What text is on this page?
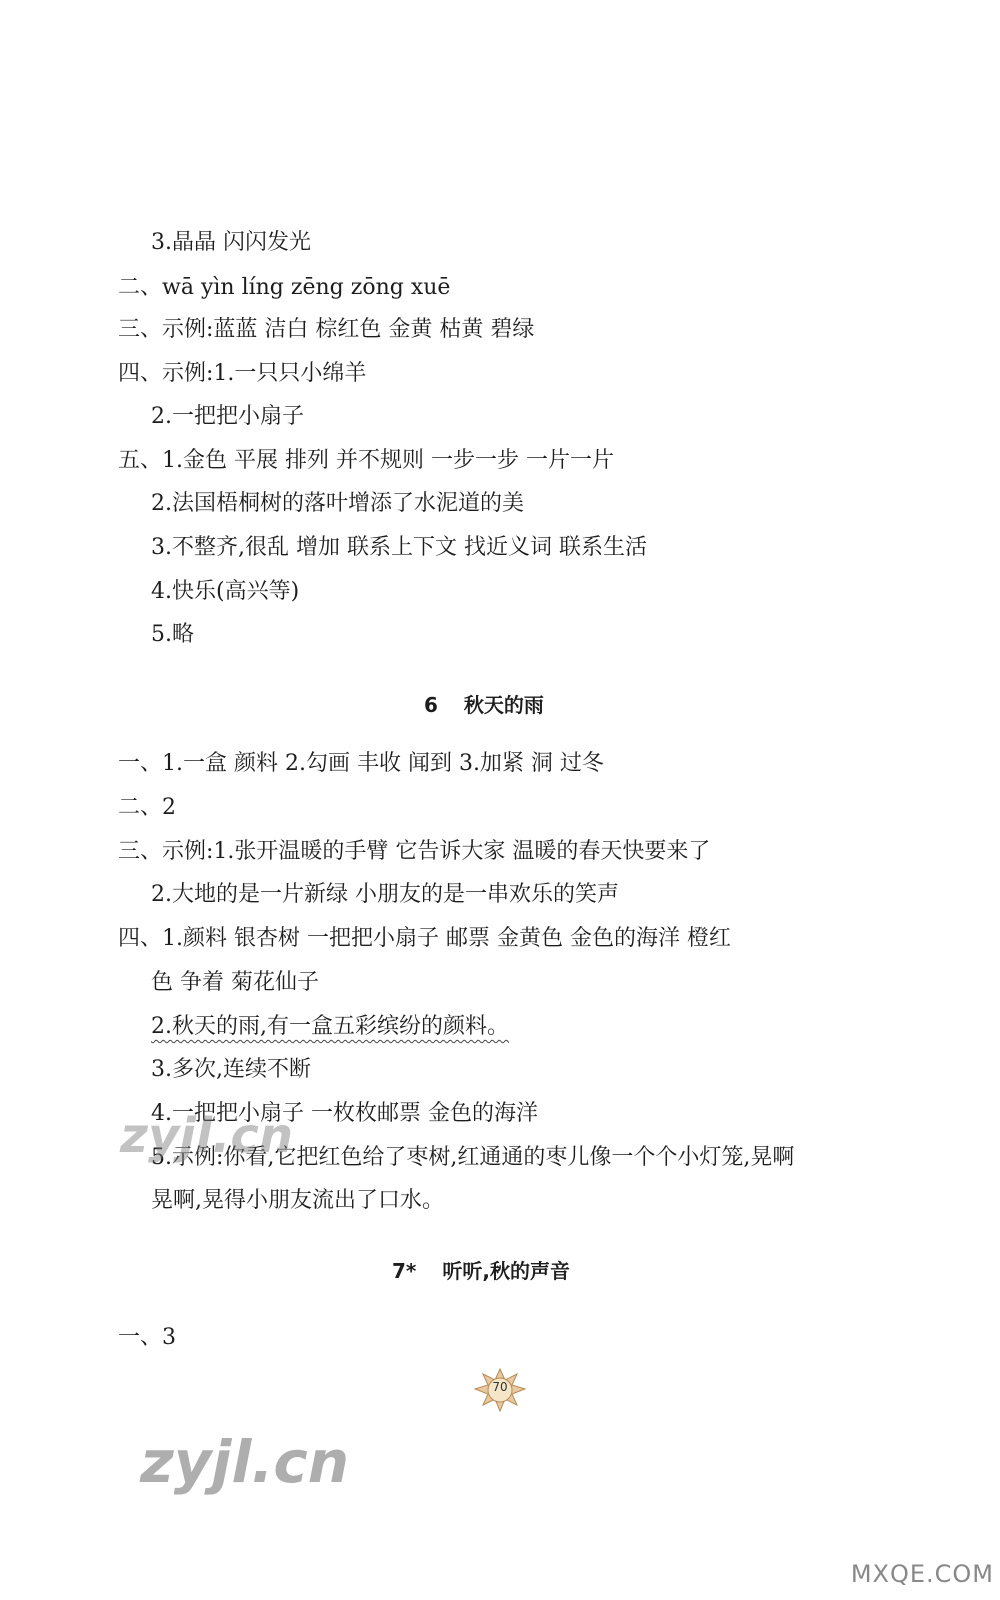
3.晶晶 闪闪发光
二、wā yìn líng zēng zōng xuē
三、示例:蓝蓝 洁白 棕红色 金黄 枯黄 碧绿
四、示例:1.一只只小绵羊
2.一把把小扇子
五、1.金色 平展 排列 并不规则 一步一步 一片一片
2.法国梧桐树的落叶增添了水泥道的美
3.不整齐,很乱 增加 联系上下文 找近义词 联系生活
4.快乐(高兴等)
5.略
6 秋天的雨
一、1.一盒 颜料 2.勾画 丰收 闻到 3.加紧 洞 过冬
二、2
三、示例:1.张开温暖的手臂 它告诉大家 温暖的春天快要来了
2.大地的是一片新绿 小朋友的是一串欢乐的笑声
四、1.颜料 银杏树 一把把小扇子 邮票 金黄色 金色的海洋 橙红
色 争着 菊花仙子
2.秋天的雨,有一盒五彩缤纷的颜料。
3.多次,连续不断
4.一把把小扇子 一枚枚邮票 金色的海洋
5.示例:你看,它把红色给了枣树,红通通的枣儿像一个个小灯笼,晃啊
晃啊,晃得小朋友流出了口水。
7* 听听,秋的声音
一、3
70
zyjl.cn
zyjl.cn
MXQE.COM
